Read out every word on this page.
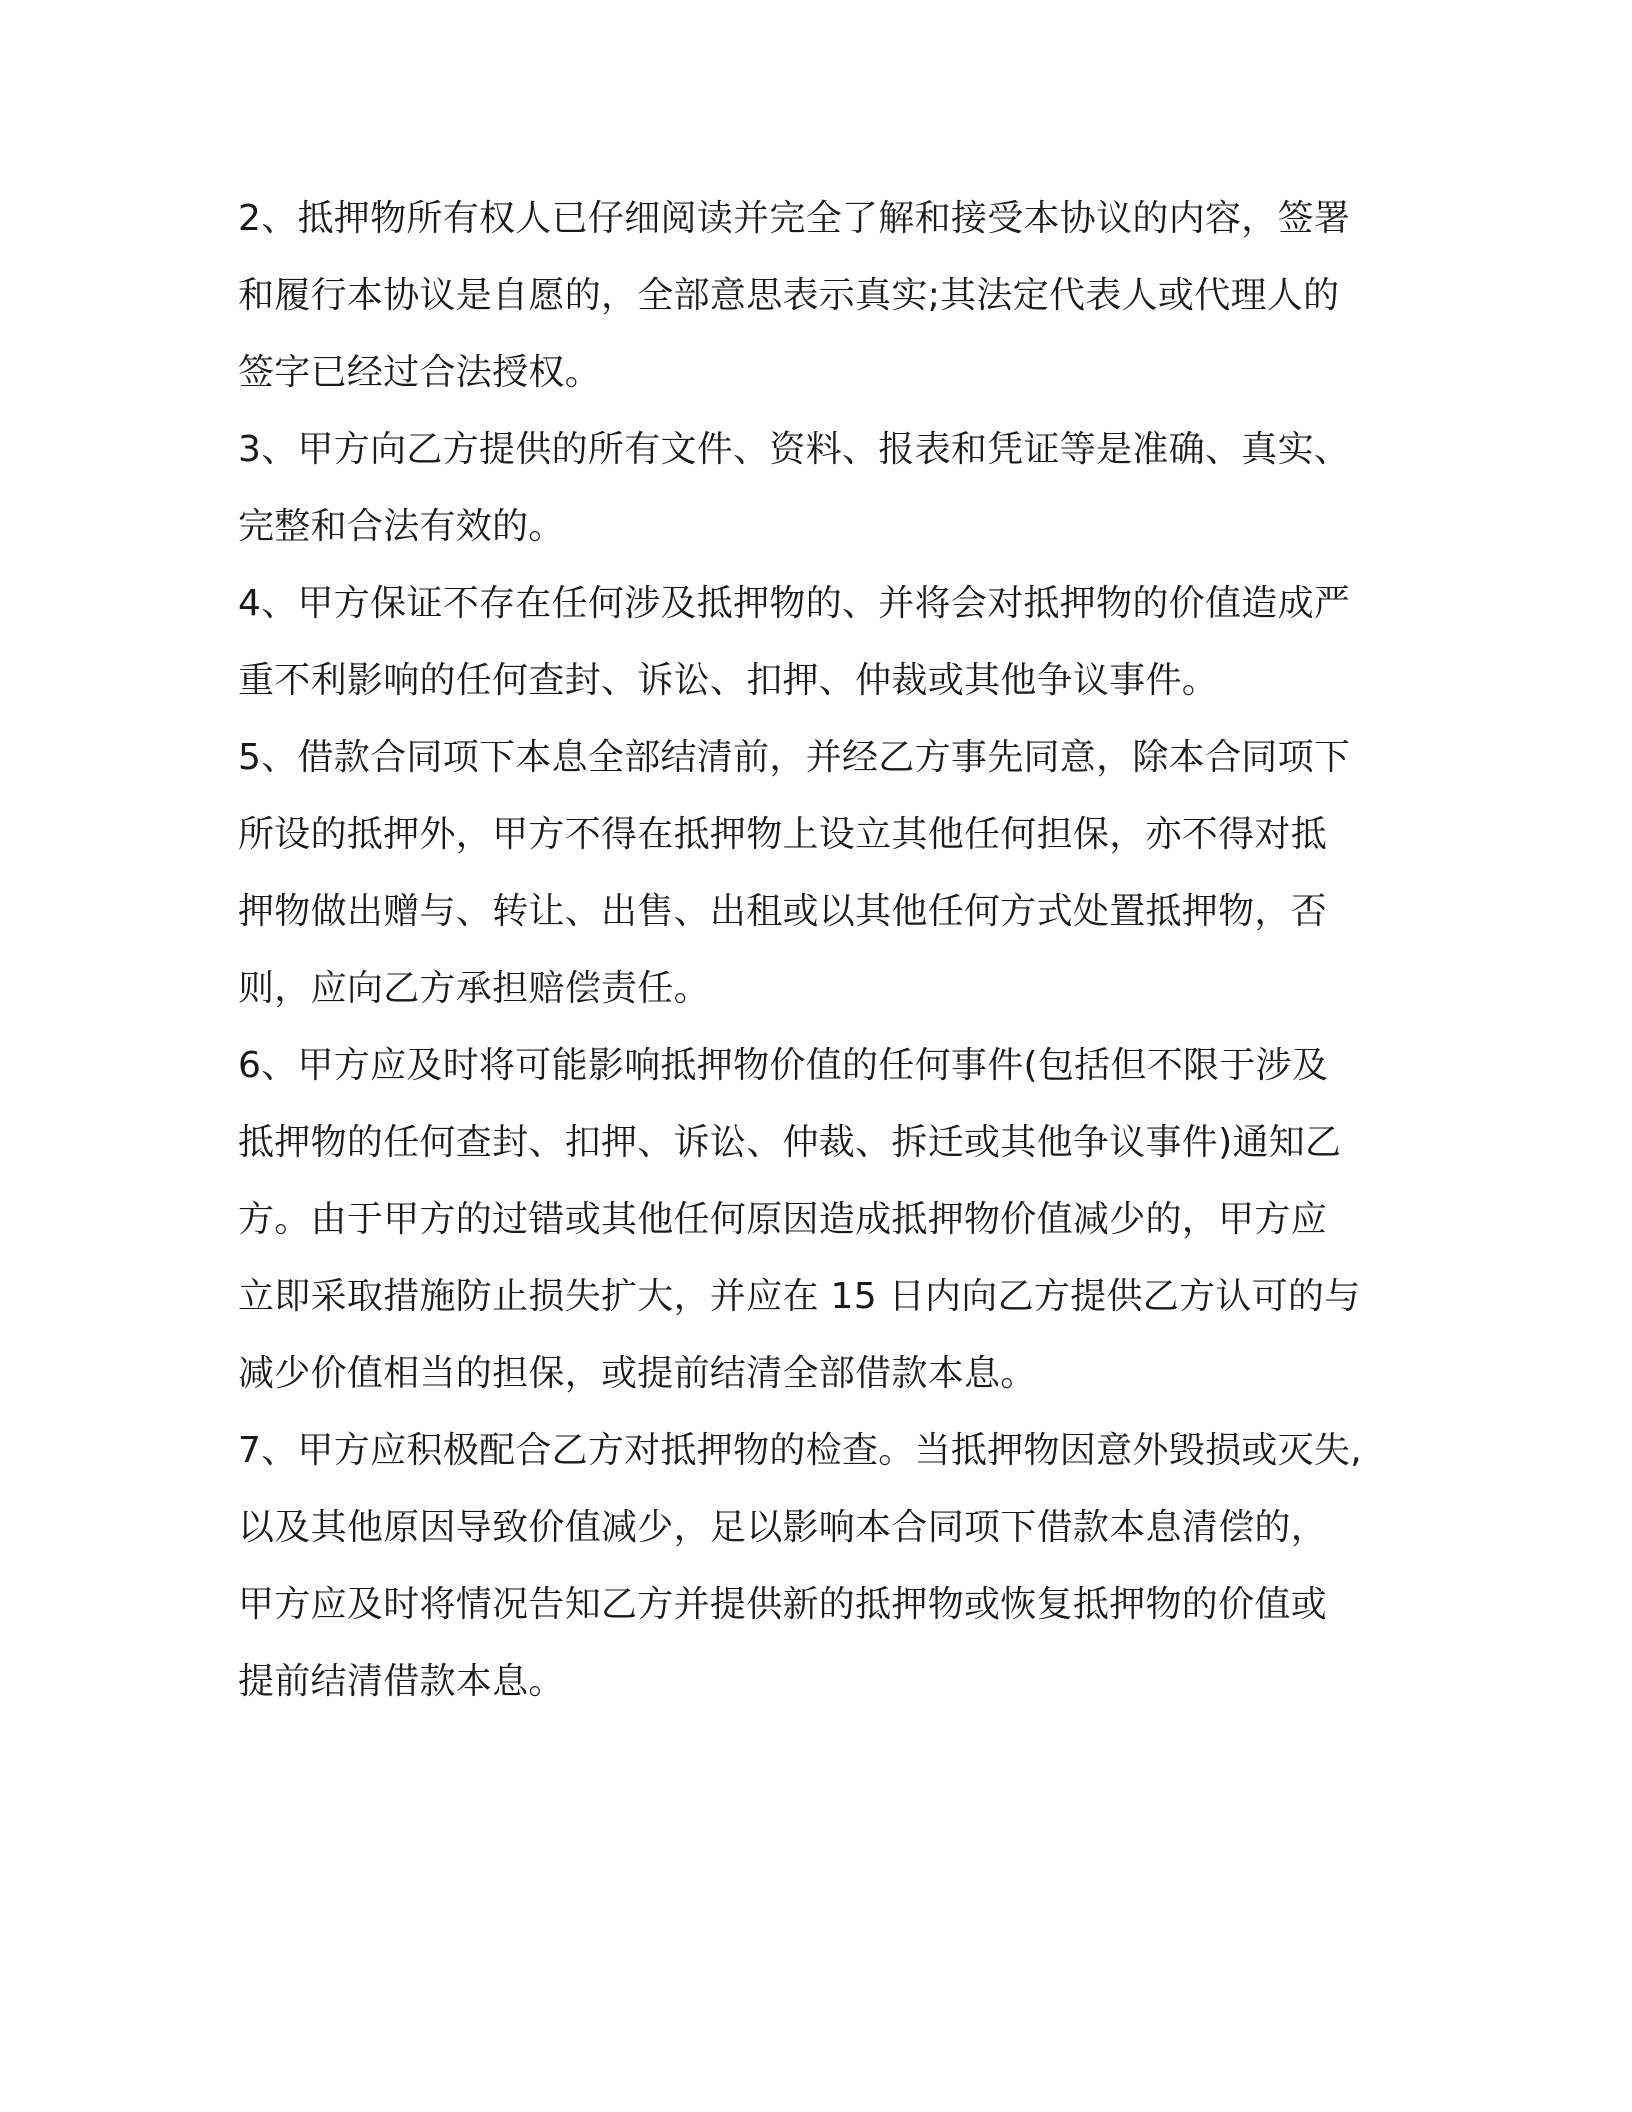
2、抵押物所有权人已仔细阅读并完全了解和接受本协议的内容，签署
和履行本协议是自愿的，全部意思表示真实;其法定代表人或代理人的
签字已经过合法授权。
3、甲方向乙方提供的所有文件、资料、报表和凭证等是准确、真实、
完整和合法有效的。
4、甲方保证不存在任何涉及抵押物的、并将会对抵押物的价值造成严
重不利影响的任何查封、诉讼、扣押、仲裁或其他争议事件。
5、借款合同项下本息全部结清前，并经乙方事先同意，除本合同项下
所设的抵押外，甲方不得在抵押物上设立其他任何担保，亦不得对抵
押物做出赠与、转让、出售、出租或以其他任何方式处置抵押物，否
则，应向乙方承担赔偿责任。
6、甲方应及时将可能影响抵押物价值的任何事件(包括但不限于涉及
抵押物的任何查封、扣押、诉讼、仲裁、拆迁或其他争议事件)通知乙
方。由于甲方的过错或其他任何原因造成抵押物价值减少的，甲方应
立即采取措施防止损失扩大，并应在 15 日内向乙方提供乙方认可的与
减少价值相当的担保，或提前结清全部借款本息。
7、甲方应积极配合乙方对抵押物的检查。当抵押物因意外毁损或灭失,
以及其他原因导致价值减少，足以影响本合同项下借款本息清偿的，
甲方应及时将情况告知乙方并提供新的抵押物或恢复抵押物的价值或
提前结清借款本息。
